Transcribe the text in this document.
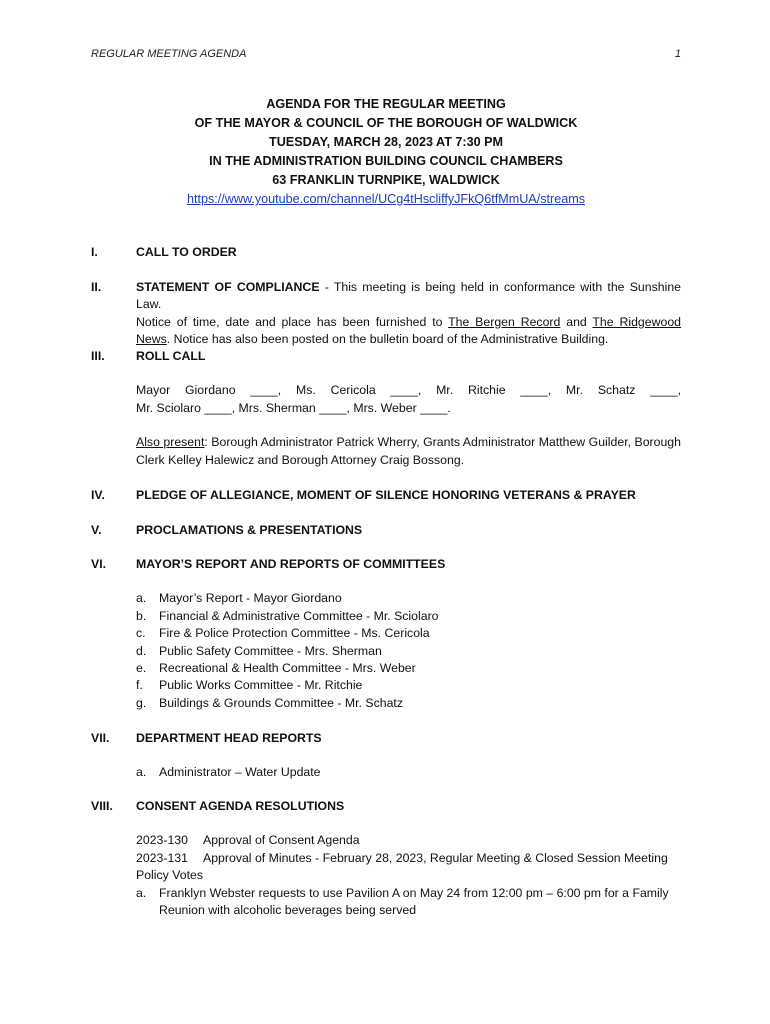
REGULAR MEETING AGENDA	1
AGENDA FOR THE REGULAR MEETING
OF THE MAYOR & COUNCIL OF THE BOROUGH OF WALDWICK
TUESDAY, MARCH 28, 2023 AT 7:30 PM
IN THE ADMINISTRATION BUILDING COUNCIL CHAMBERS
63 FRANKLIN TURNPIKE, WALDWICK
https://www.youtube.com/channel/UCg4tHscliffyJFkQ6tfMmUA/streams
I.	CALL TO ORDER
II.	STATEMENT OF COMPLIANCE - This meeting is being held in conformance with the Sunshine Law.
Notice of time, date and place has been furnished to The Bergen Record and The Ridgewood
News. Notice has also been posted on the bulletin board of the Administrative Building.
III.	ROLL CALL
Mayor Giordano ____, Ms. Cericola ____, Mr. Ritchie ____, Mr. Schatz ____,
Mr. Sciolaro ____, Mrs. Sherman ____, Mrs. Weber ____.
Also present: Borough Administrator Patrick Wherry, Grants Administrator Matthew Guilder, Borough Clerk Kelley Halewicz and Borough Attorney Craig Bossong.
IV.	PLEDGE OF ALLEGIANCE, MOMENT OF SILENCE HONORING VETERANS & PRAYER
V.	PROCLAMATIONS & PRESENTATIONS
VI. MAYOR’S REPORT AND REPORTS OF COMMITTEES
a. Mayor’s Report - Mayor Giordano
b. Financial & Administrative Committee - Mr. Sciolaro
c. Fire & Police Protection Committee - Ms. Cericola
d. Public Safety Committee - Mrs. Sherman
e. Recreational & Health Committee - Mrs. Weber
f. Public Works Committee - Mr. Ritchie
g. Buildings & Grounds Committee - Mr. Schatz
VII. DEPARTMENT HEAD REPORTS
a. Administrator – Water Update
VIII. CONSENT AGENDA RESOLUTIONS
2023-130	Approval of Consent Agenda
2023-131	Approval of Minutes - February 28, 2023, Regular Meeting & Closed Session Meeting
Policy Votes
a. Franklyn Webster requests to use Pavilion A on May 24 from 12:00 pm – 6:00 pm for a Family Reunion with alcoholic beverages being served
